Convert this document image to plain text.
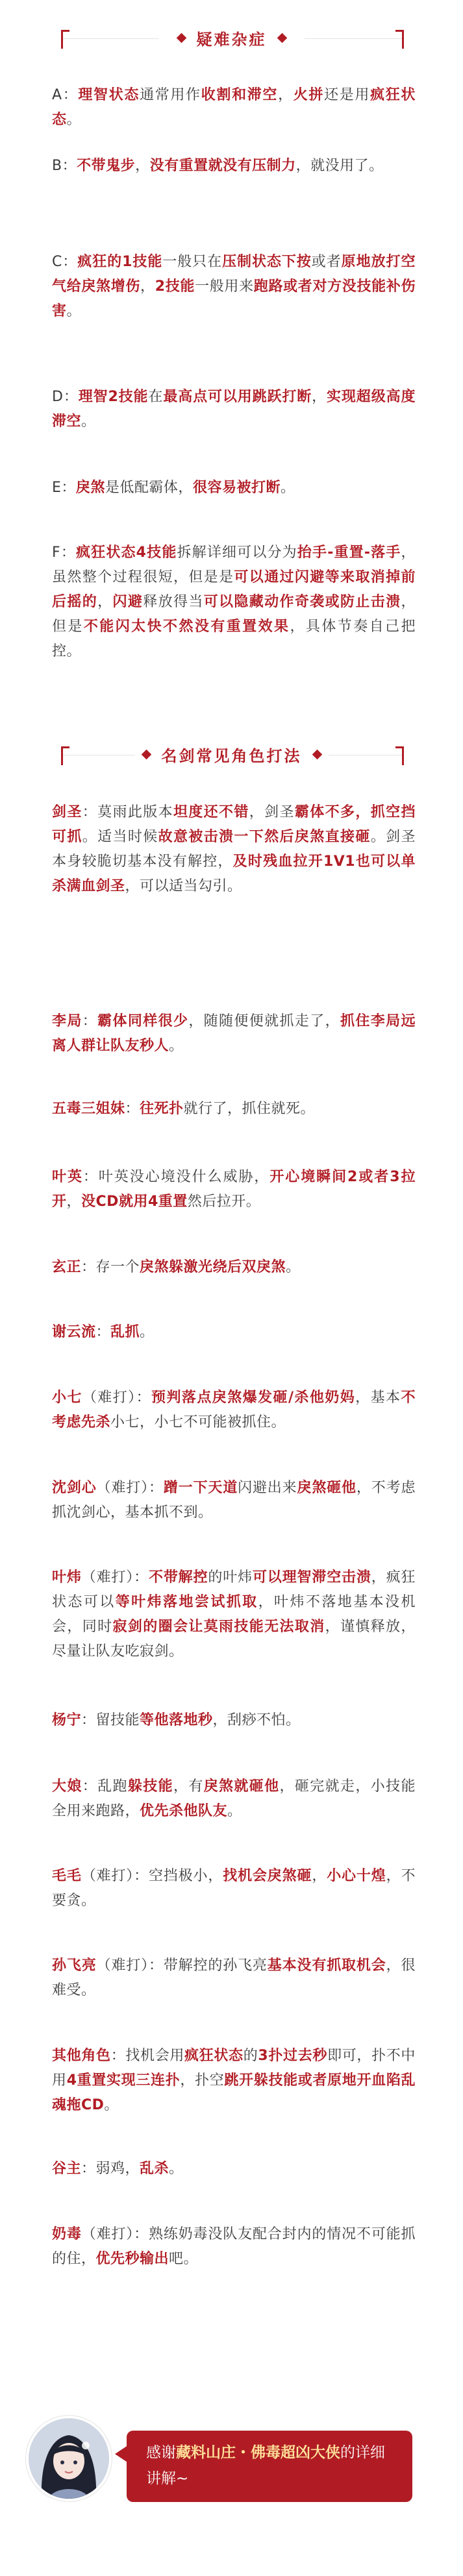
疑难杂症

A：理智状态通常用作收割和滞空，火拼还是用疯狂状态。

B：不带鬼步，没有重置就没有压制力，就没用了。

C：疯狂的1技能一般只在压制状态下按或者原地放打空气给戾煞增伤，2技能一般用来跑路或者对方没技能补伤害。

D：理智2技能在最高点可以用跳跃打断，实现超级高度滞空。

E：戾煞是低配霸体，很容易被打断。

F：疯狂状态4技能拆解详细可以分为抬手-重置-落手，虽然整个过程很短，但是是可以通过闪避等来取消掉前后摇的，闪避释放得当可以隐藏动作奇袭或防止击溃，但是不能闪太快不然没有重置效果，具体节奏自己把控。

名剑常见角色打法

剑圣：莫雨此版本坦度还不错，剑圣霸体不多，抓空挡可抓。适当时候故意被击溃一下然后戾煞直接砸。剑圣本身较脆切基本没有解控，及时残血拉开1V1也可以单杀满血剑圣，可以适当勾引。

李局：霸体同样很少，随随便便就抓走了，抓住李局远离人群让队友秒人。

五毒三姐妹：往死扑就行了，抓住就死。

叶英：叶英没心境没什么威胁，开心境瞬间2或者3拉开，没CD就用4重置然后拉开。

玄正：存一个戾煞躲激光绕后双戾煞。

谢云流：乱抓。

小七（难打）：预判落点戾煞爆发砸/杀他奶妈，基本不考虑先杀小七，小七不可能被抓住。

沈剑心（难打）：蹭一下天道闪避出来戾煞砸他，不考虑抓沈剑心，基本抓不到。

叶炜（难打）：不带解控的叶炜可以理智滞空击溃，疯狂状态可以等叶炜落地尝试抓取，叶炜不落地基本没机会，同时寂剑的圈会让莫雨技能无法取消，谨慎释放，尽量让队友吃寂剑。

杨宁：留技能等他落地秒，刮痧不怕。

大娘：乱跑躲技能，有戾煞就砸他，砸完就走，小技能全用来跑路，优先杀他队友。

毛毛（难打）：空挡极小，找机会戾煞砸，小心十煌，不要贪。

孙飞亮（难打）：带解控的孙飞亮基本没有抓取机会，很难受。

其他角色：找机会用疯狂状态的3扑过去秒即可，扑不中用4重置实现三连扑，扑空跳开躲技能或者原地开血陷乱魂拖CD。

谷主：弱鸡，乱杀。

奶毒（难打）：熟练奶毒没队友配合封内的情况不可能抓的住，优先秒输出吧。

感谢藏料山庄・佛毒超凶大侠的详细讲解~
